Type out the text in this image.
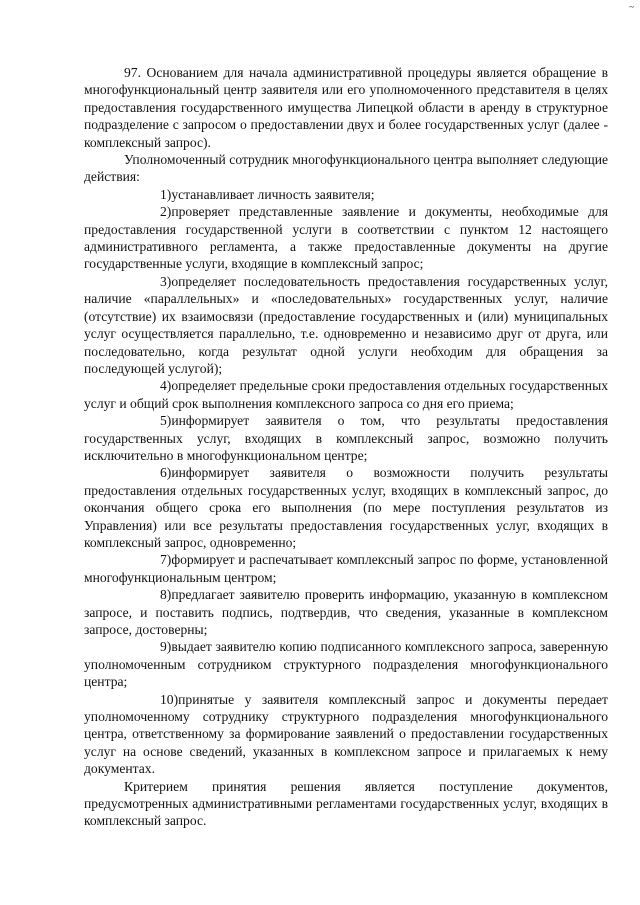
~

97. Основанием для начала административной процедуры является обращение в многофункциональный центр заявителя или его уполномоченного представителя в целях предоставления государственного имущества Липецкой области в аренду в структурное подразделение с запросом о предоставлении двух и более государственных услуг (далее - комплексный запрос).

Уполномоченный сотрудник многофункционального центра выполняет следующие действия:

1)устанавливает личность заявителя;

2)проверяет представленные заявление и документы, необходимые для предоставления государственной услуги в соответствии с пунктом 12 настоящего административного регламента, а также предоставленные документы на другие государственные услуги, входящие в комплексный запрос;

3)определяет последовательность предоставления государственных услуг, наличие «параллельных» и «последовательных» государственных услуг, наличие (отсутствие) их взаимосвязи (предоставление государственных и (или) муниципальных услуг осуществляется параллельно, т.е. одновременно и независимо друг от друга, или последовательно, когда результат одной услуги необходим для обращения за последующей услугой);

4)определяет предельные сроки предоставления отдельных государственных услуг и общий срок выполнения комплексного запроса со дня его приема;

5)информирует заявителя о том, что результаты предоставления государственных услуг, входящих в комплексный запрос, возможно получить исключительно в многофункциональном центре;

6)информирует заявителя о возможности получить результаты предоставления отдельных государственных услуг, входящих в комплексный запрос, до окончания общего срока его выполнения (по мере поступления результатов из Управления) или все результаты предоставления государственных услуг, входящих в комплексный запрос, одновременно;

7)формирует и распечатывает комплексный запрос по форме, установленной многофункциональным центром;

8)предлагает заявителю проверить информацию, указанную в комплексном запросе, и поставить подпись, подтвердив, что сведения, указанные в комплексном запросе, достоверны;

9)выдает заявителю копию подписанного комплексного запроса, заверенную уполномоченным сотрудником структурного подразделения многофункционального центра;

10)принятые у заявителя комплексный запрос и документы передает уполномоченному сотруднику структурного подразделения многофункционального центра, ответственному за формирование заявлений о предоставлении государственных услуг на основе сведений, указанных в комплексном запросе и прилагаемых к нему документах.

Критерием принятия решения является поступление документов, предусмотренных административными регламентами государственных услуг, входящих в комплексный запрос.
